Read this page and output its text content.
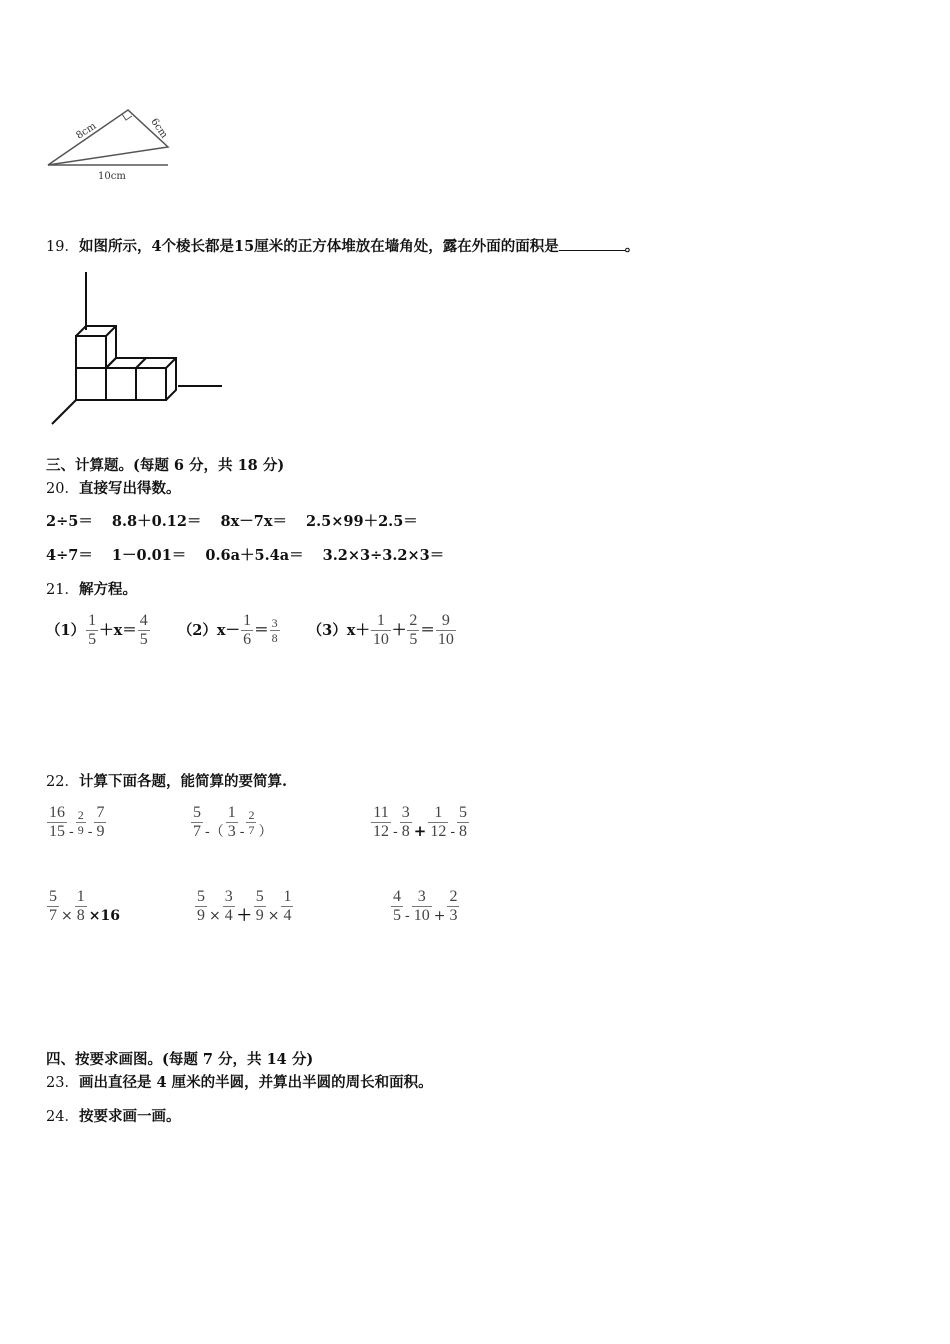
8cm	6cm
10cm
19．如图所示，4个棱长都是15厘米的正方体堆放在墙角处，露在外面的面积是	。
三、计算题。(每题 6 分，共 18 分)
20．直接写出得数。
2÷5＝ 8.8＋0.12＝ 8x－7x＝ 2.5×99＋2.5＝
4÷7＝ 1－0.01＝ 0.6a＋5.4a＝ 3.2×3÷3.2×3＝
21．解方程。
$(1) \frac{1}{5} +x= \frac{4}{5} (2)x- \frac{1}{6} = \frac{3}{8} (3)x+ \frac{1}{10} + \frac{2}{5} = \frac{9}{10}$
22．计算下面各题，能简算的要简算.
$\frac{16}{15} - \frac{2}{9} - \frac{7}{9}$	$\frac{5}{7}$ -（ $\frac{1}{3} - \frac{2}{7}$ ）	$\frac{11}{12} - \frac{3}{8} + \frac{1}{12} - \frac{5}{8}$
$\frac{5}{7} \times \frac{1}{8} \times 16$	$\frac{5}{9} \times \frac{3}{4} + \frac{5}{9} \times \frac{1}{4}$	$\frac{4}{5} - \frac{3}{10} + \frac{2}{3}$
四、按要求画图。(每题 7 分，共 14 分)
23．画出直径是 4 厘米的半圆，并算出半圆的周长和面积。
24．按要求画一画。
